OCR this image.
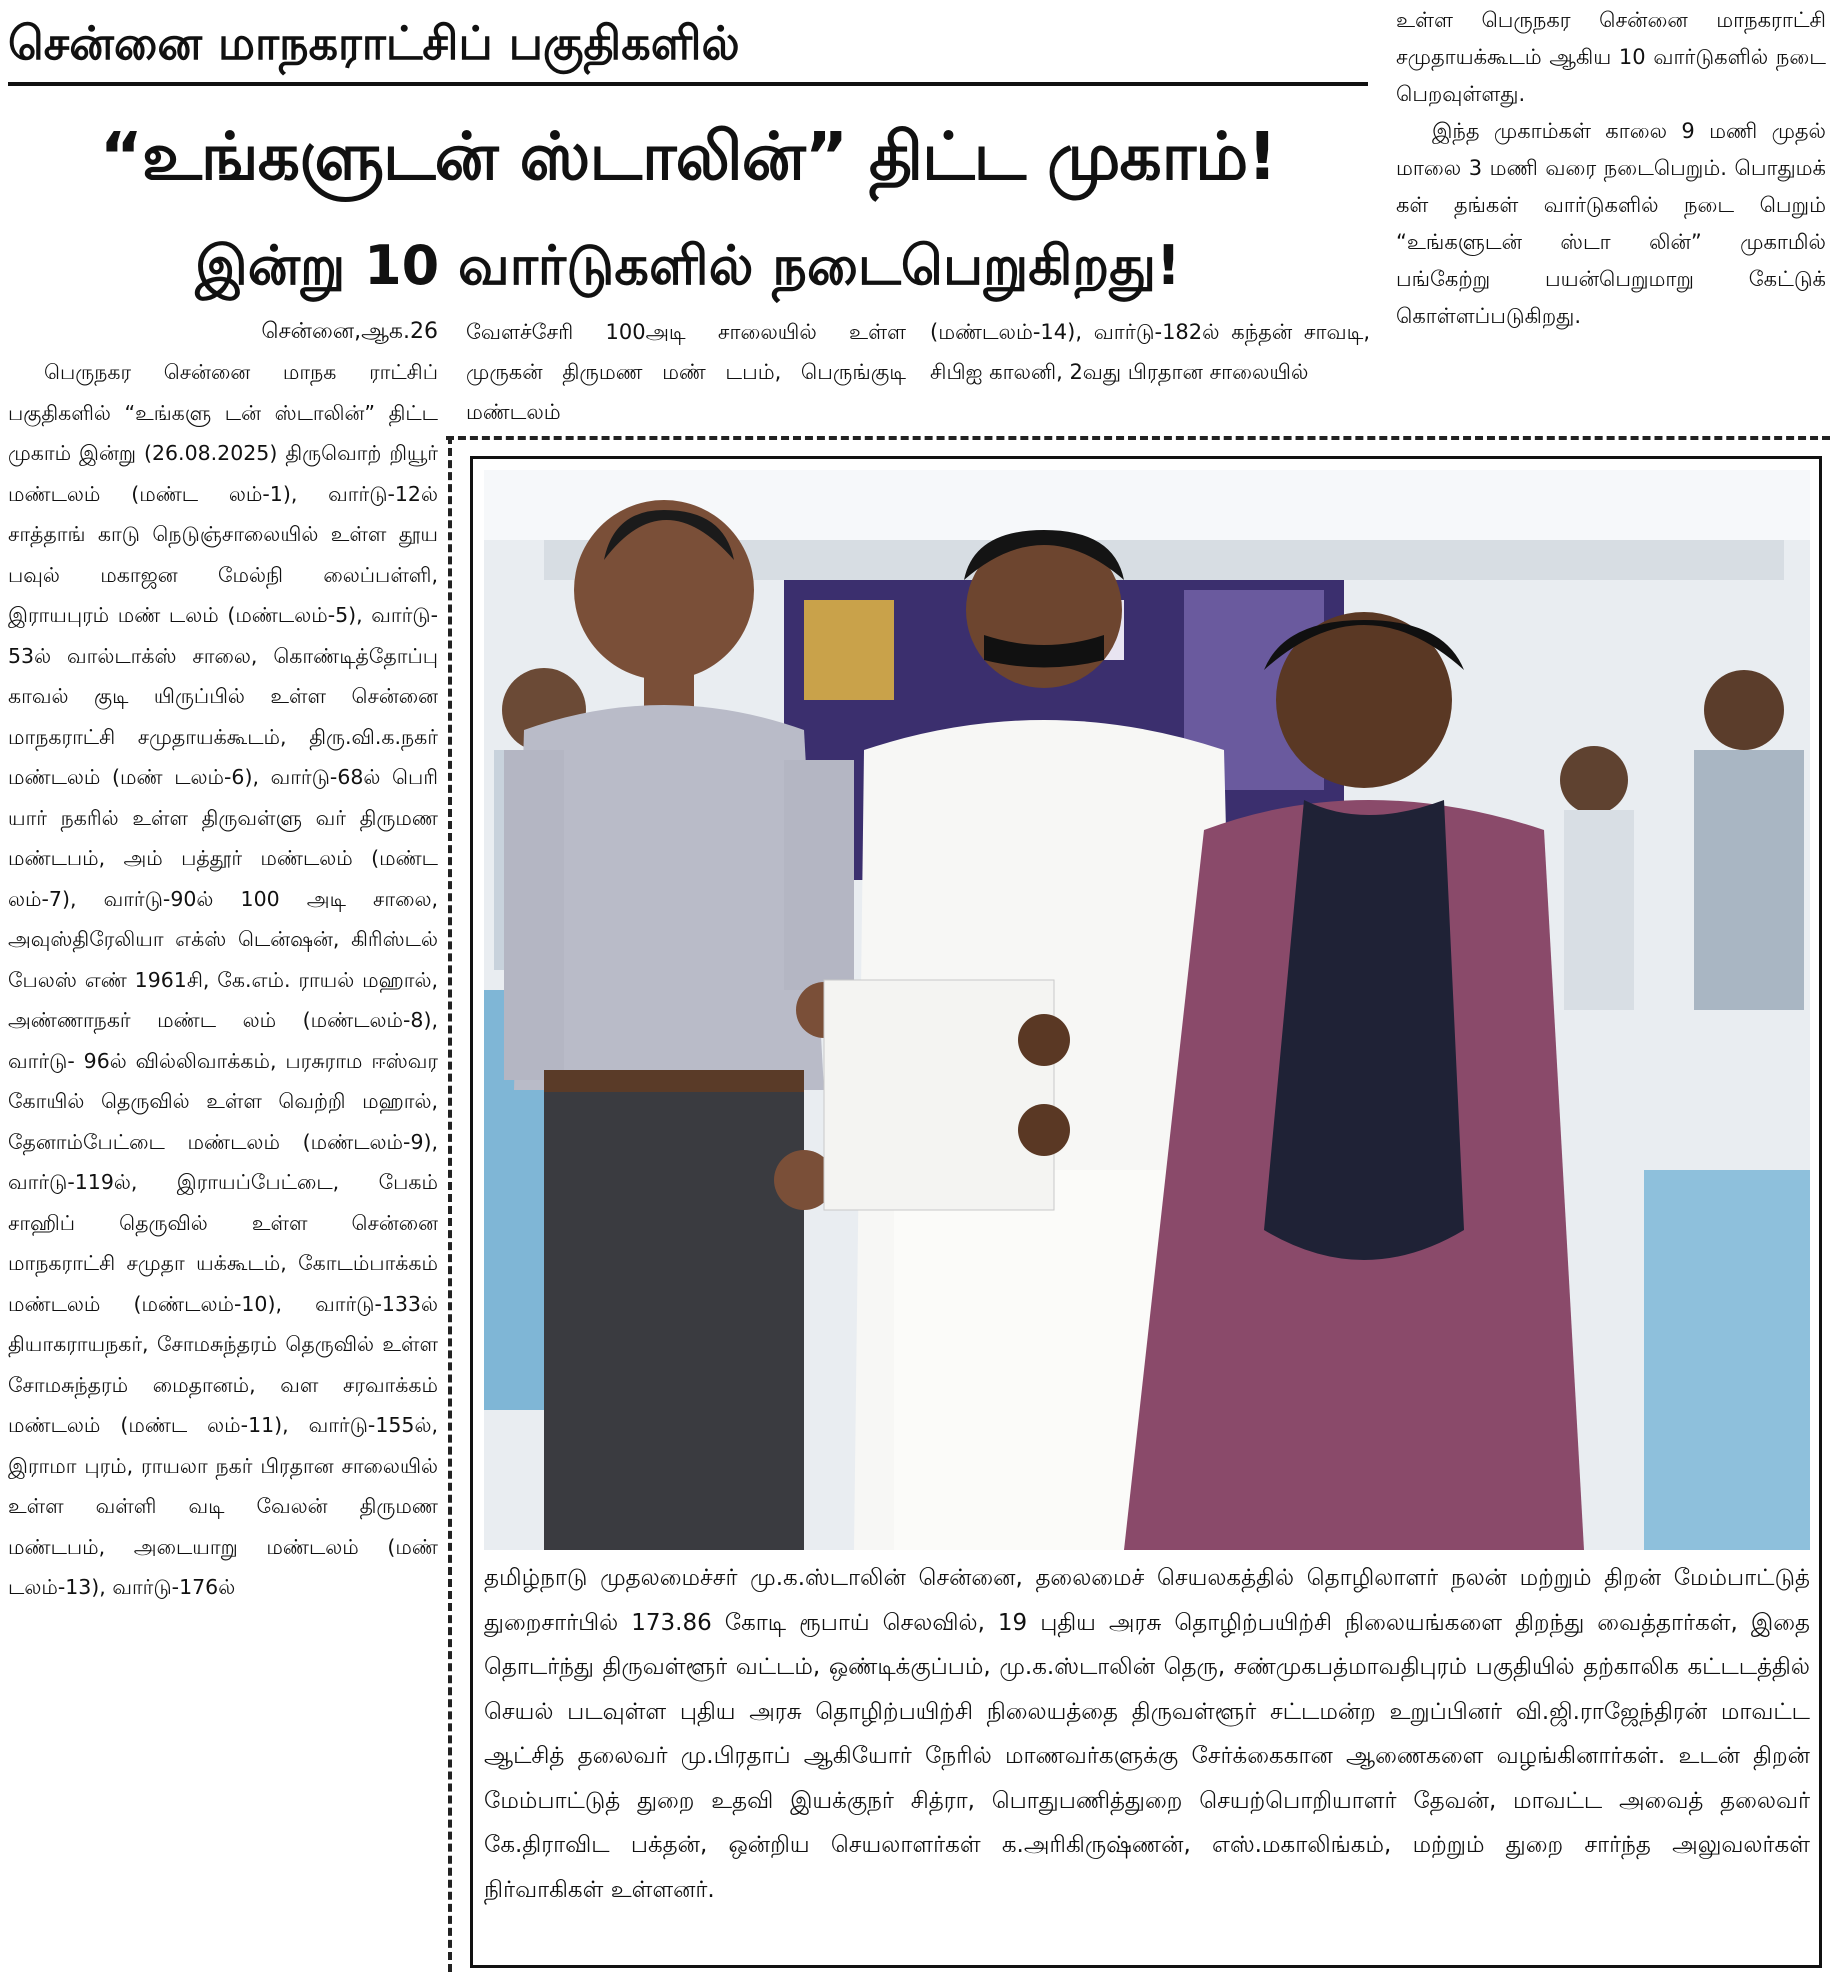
சென்னை மாநகராட்சிப் பகுதிகளில்
“உங்களுடன் ஸ்டாலின்” திட்ட முகாம்!
இன்று 10 வார்டுகளில் நடைபெறுகிறது!

உள்ள பெருநகர சென்னை மாநகராட்சி சமுதாயக்கூடம் ஆகிய 10 வார்டுகளில் நடை பெறவுள்ளது.

இந்த முகாம்கள் காலை 9 மணி முதல் மாலை 3 மணி வரை நடைபெறும். பொதுமக் கள் தங்கள் வார்டுகளில் நடை பெறும் “உங்களுடன் ஸ்டா லின்” முகாமில் பங்கேற்று பயன்பெறுமாறு கேட்டுக் கொள்ளப்படுகிறது.

சென்னை,ஆக.26
பெருநகர சென்னை மாநக ராட்சிப் பகுதிகளில் “உங்களு டன் ஸ்டாலின்” திட்ட முகாம் இன்று (26.08.2025) திருவொற் றியூர் மண்டலம் (மண்ட லம்-1), வார்டு-12ல் சாத்தாங் காடு நெடுஞ்சாலையில் உள்ள தூய பவுல் மகாஜன மேல்நி லைப்பள்ளி, இராயபுரம் மண் டலம் (மண்டலம்-5), வார்டு- 53ல் வால்டாக்ஸ் சாலை, கொண்டித்தோப்பு காவல் குடி யிருப்பில் உள்ள சென்னை மாநகராட்சி சமுதாயக்கூடம், திரு.வி.க.நகர் மண்டலம் (மண் டலம்-6), வார்டு-68ல் பெரி யார் நகரில் உள்ள திருவள்ளு வர் திருமண மண்டபம், அம் பத்தூர் மண்டலம் (மண்ட லம்-7), வார்டு-90ல் 100 அடி சாலை, அவுஸ்திரேலியா எக்ஸ் டென்ஷன், கிரிஸ்டல் பேலஸ் எண் 1961சி, கே.எம். ராயல் மஹால், அண்ணாநகர் மண்ட லம் (மண்டலம்-8), வார்டு- 96ல் வில்லிவாக்கம், பரசுராம ஈஸ்வர கோயில் தெருவில் உள்ள வெற்றி மஹால், தேனாம்பேட்டை மண்டலம் (மண்டலம்-9), வார்டு-119ல், இராயப்பேட்டை, பேகம் சாஹிப் தெருவில் உள்ள சென்னை மாநகராட்சி சமுதா யக்கூடம், கோடம்பாக்கம் மண்டலம் (மண்டலம்-10), வார்டு-133ல் தியாகராயநகர், சோமசுந்தரம் தெருவில் உள்ள சோமசுந்தரம் மைதானம், வள சரவாக்கம் மண்டலம் (மண்ட லம்-11), வார்டு-155ல், இராமா புரம், ராயலா நகர் பிரதான சாலையில் உள்ள வள்ளி வடி வேலன் திருமண மண்டபம், அடையாறு மண்டலம் (மண் டலம்-13), வார்டு-176ல்
வேளச்சேரி 100அடி சாலையில் உள்ள முருகன் திருமண மண் டபம், பெருங்குடி மண்டலம்
(மண்டலம்-14), வார்டு-182ல் கந்தன் சாவடி, சிபிஐ காலனி, 2வது பிரதான சாலையில்
தமிழ்நாடு முதலமைச்சர் மு.க.ஸ்டாலின் சென்னை, தலைமைச் செயலகத்தில் தொழிலாளர் நலன் மற்றும் திறன் மேம்பாட்டுத் துறைசார்பில் 173.86 கோடி ரூபாய் செலவில், 19 புதிய அரசு தொழிற்பயிற்சி நிலையங்களை திறந்து வைத்தார்கள், இதை தொடர்ந்து திருவள்ளூர் வட்டம், ஒண்டிக்குப்பம், மு.க.ஸ்டாலின் தெரு, சண்முகபத்மாவதிபுரம் பகுதியில் தற்காலிக கட்டடத்தில் செயல் படவுள்ள புதிய அரசு தொழிற்பயிற்சி நிலையத்தை திருவள்ளூர் சட்டமன்ற உறுப்பினர் வி.ஜி.ராஜேந்திரன் மாவட்ட ஆட்சித் தலைவர் மு.பிரதாப் ஆகியோர் நேரில் மாணவர்களுக்கு சேர்க்கைகான ஆணைகளை வழங்கினார்கள். உடன் திறன் மேம்பாட்டுத் துறை உதவி இயக்குநர் சித்ரா, பொதுபணித்துறை செயற்பொறியாளர் தேவன், மாவட்ட அவைத் தலைவர் கே.திராவிட பக்தன், ஒன்றிய செயலாளர்கள் க.அரிகிருஷ்ணன், எஸ்.மகாலிங்கம், மற்றும் துறை சார்ந்த அலுவலர்கள் நிர்வாகிகள் உள்ளனர்.
